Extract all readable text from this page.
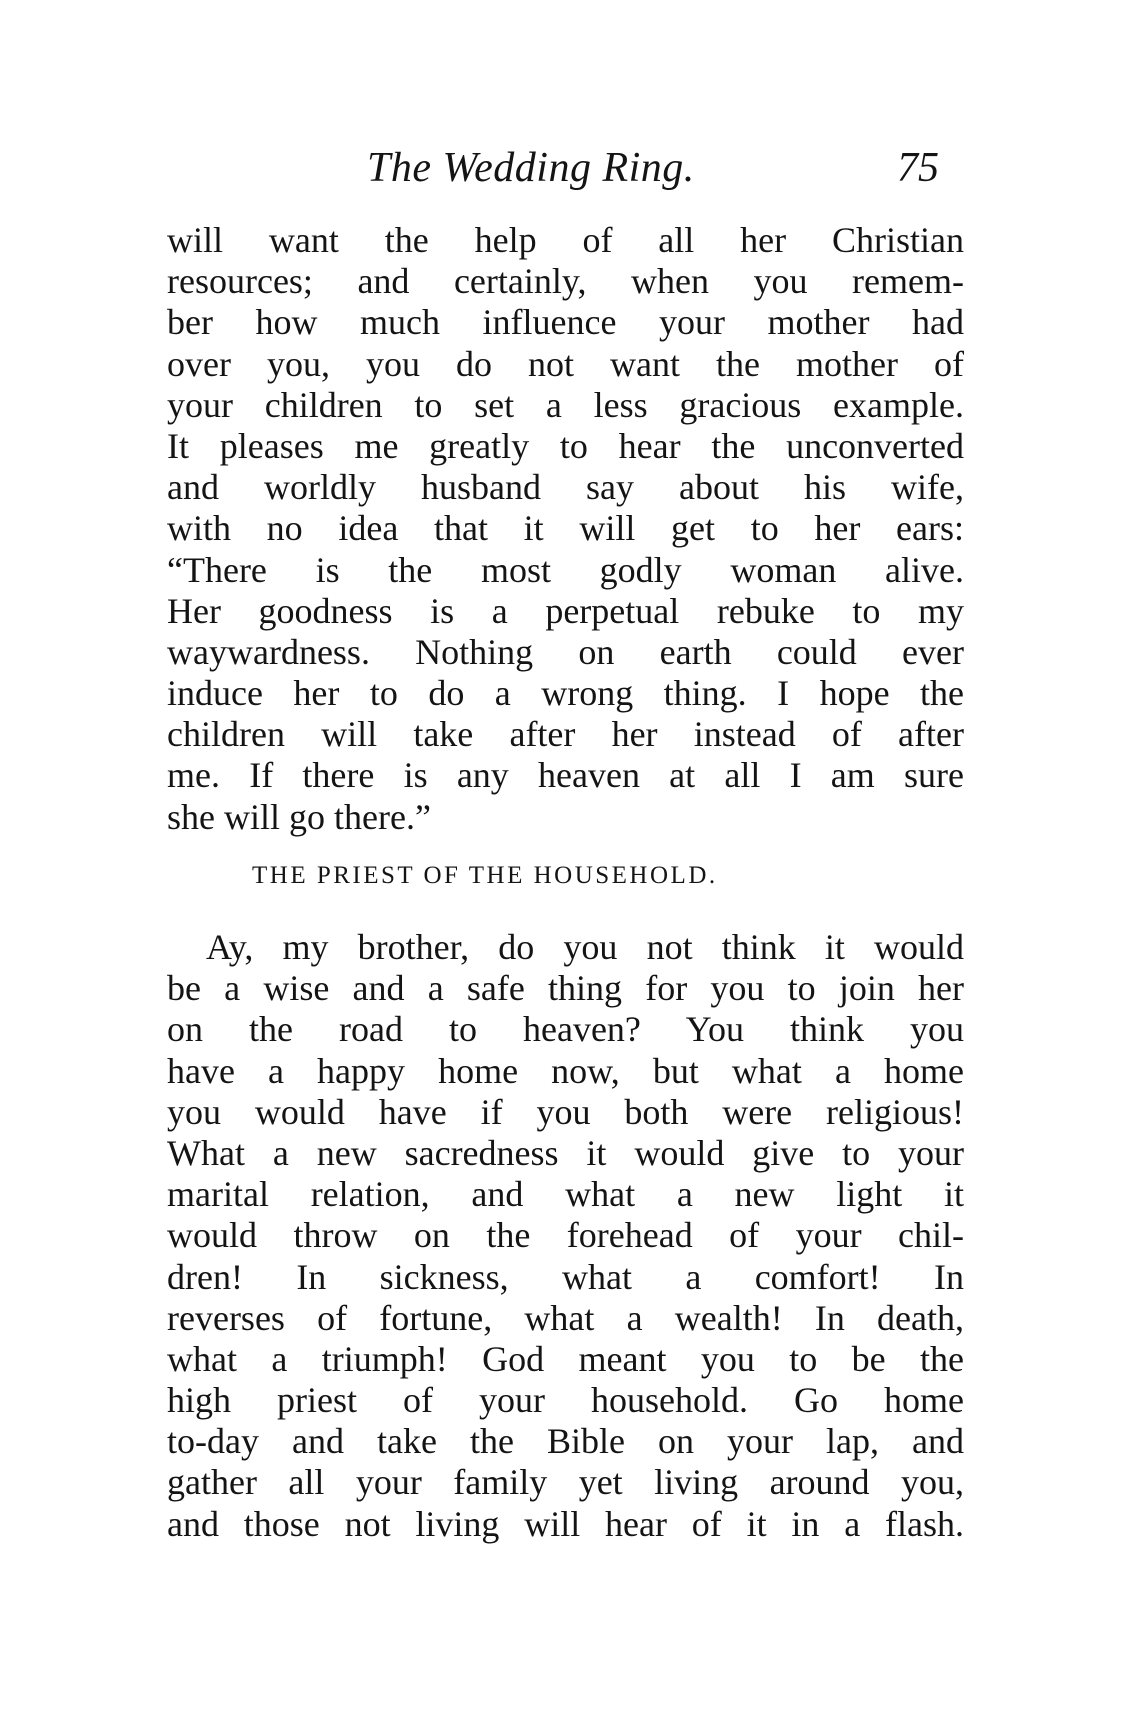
The Wedding Ring.	75
will want the help of all her Christian
resources; and certainly, when you remem-
ber how much influence your mother had
over you, you do not want the mother of
your children to set a less gracious example.
It pleases me greatly to hear the unconverted
and worldly husband say about his wife,
with no idea that it will get to her ears:
“There is the most godly woman alive.
Her goodness is a perpetual rebuke to my
waywardness. Nothing on earth could ever
induce her to do a wrong thing. I hope the
children will take after her instead of after
me. If there is any heaven at all I am sure
she will go there.”
THE PRIEST OF THE HOUSEHOLD.
Ay, my brother, do you not think it would
be a wise and a safe thing for you to join her
on the road to heaven? You think you
have a happy home now, but what a home
you would have if you both were religious!
What a new sacredness it would give to your
marital relation, and what a new light it
would throw on the forehead of your chil-
dren! In sickness, what a comfort! In
reverses of fortune, what a wealth! In death,
what a triumph! God meant you to be the
high priest of your household. Go home
to-day and take the Bible on your lap, and
gather all your family yet living around you,
and those not living will hear of it in a flash.
